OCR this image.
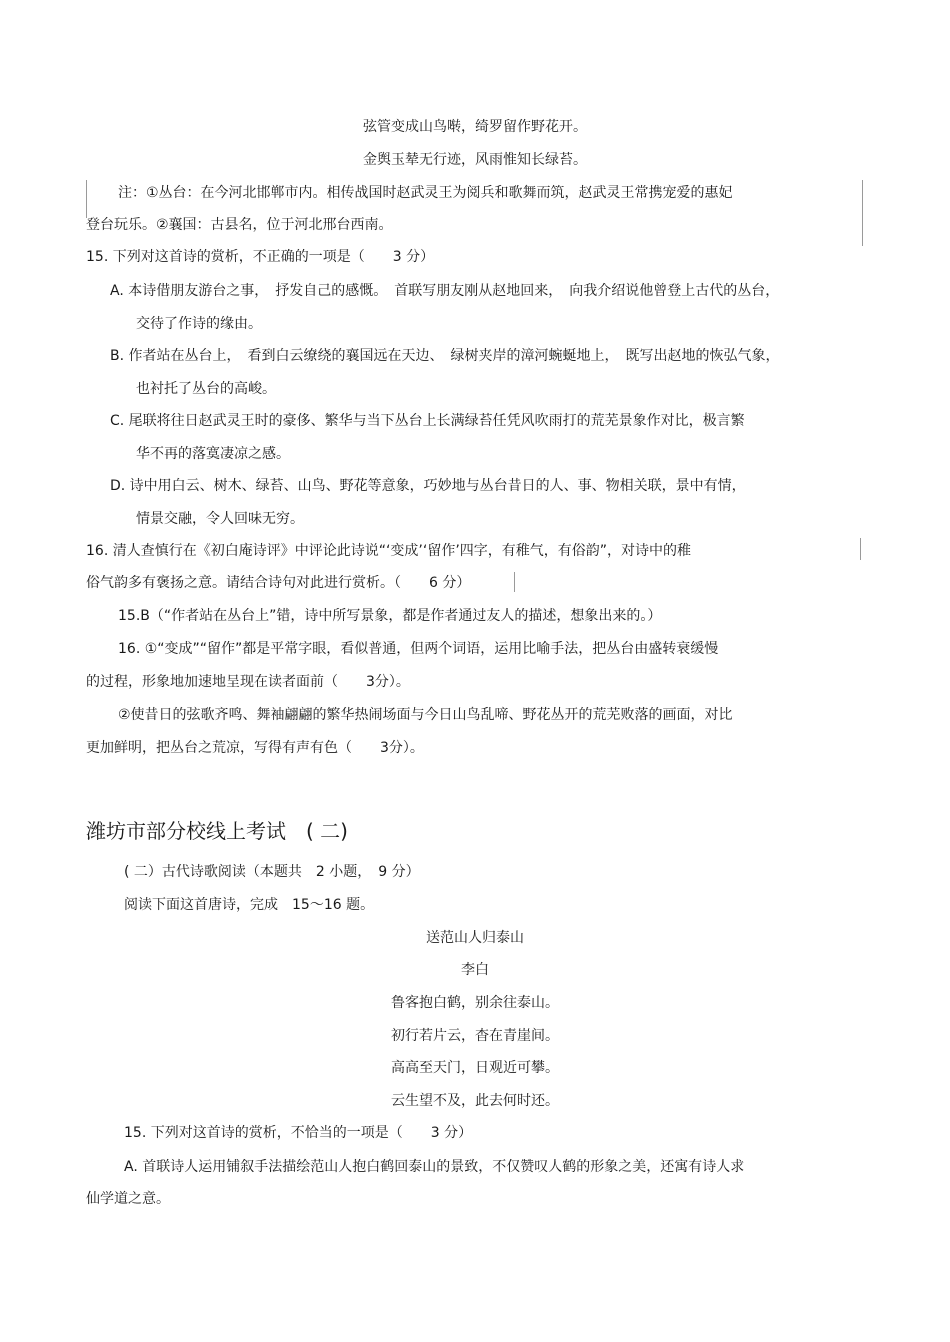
弦管变成山鸟啭，绮罗留作野花开。
金舆玉辇无行迹，风雨惟知长绿苔。
注：①丛台：在今河北邯郸市内。相传战国时赵武灵王为阅兵和歌舞而筑，赵武灵王常携宠爱的惠妃
登台玩乐。②襄国：古县名，位于河北邢台西南。
15. 下列对这首诗的赏析，不正确的一项是（　　3 分）
A. 本诗借朋友游台之事，　抒发自己的感慨。　首联写朋友刚从赵地回来，　向我介绍说他曾登上古代的丛台，
交待了作诗的缘由。
B. 作者站在丛台上，　看到白云缭绕的襄国远在天边、　绿树夹岸的漳河蜿蜒地上，　既写出赵地的恢弘气象，
也衬托了丛台的高峻。
C. 尾联将往日赵武灵王时的豪侈、繁华与当下丛台上长满绿苔任凭风吹雨打的荒芜景象作对比，极言繁
华不再的落寞凄凉之感。
D. 诗中用白云、树木、绿苔、山鸟、野花等意象，巧妙地与丛台昔日的人、事、物相关联，景中有情，
情景交融，令人回味无穷。
16. 清人查慎行在《初白庵诗评》中评论此诗说“‘变成’‘留作’四字，有稚气，有俗韵”，对诗中的稚
俗气韵多有褒扬之意。请结合诗句对此进行赏析。（　　6 分）
15.B（“作者站在丛台上”错，诗中所写景象，都是作者通过友人的描述，想象出来的。）
16. ①“变成”“留作”都是平常字眼，看似普通，但两个词语，运用比喻手法，把丛台由盛转衰缓慢
的过程，形象地加速地呈现在读者面前（　　3分）。
②使昔日的弦歌齐鸣、舞袖翩翩的繁华热闹场面与今日山鸟乱啼、野花丛开的荒芜败落的画面，对比
更加鲜明，把丛台之荒凉，写得有声有色（　　3分）。
潍坊市部分校线上考试　( 二)
( 二）古代诗歌阅读（本题共　2 小题，　9 分）
阅读下面这首唐诗，完成　15～16 题。
送范山人归泰山
李白
鲁客抱白鹤，别余往泰山。
初行若片云，杳在青崖间。
高高至天门，日观近可攀。
云生望不及，此去何时还。
15. 下列对这首诗的赏析，不恰当的一项是（　　3 分）
A. 首联诗人运用铺叙手法描绘范山人抱白鹤回泰山的景致，不仅赞叹人鹤的形象之美，还寓有诗人求
仙学道之意。
